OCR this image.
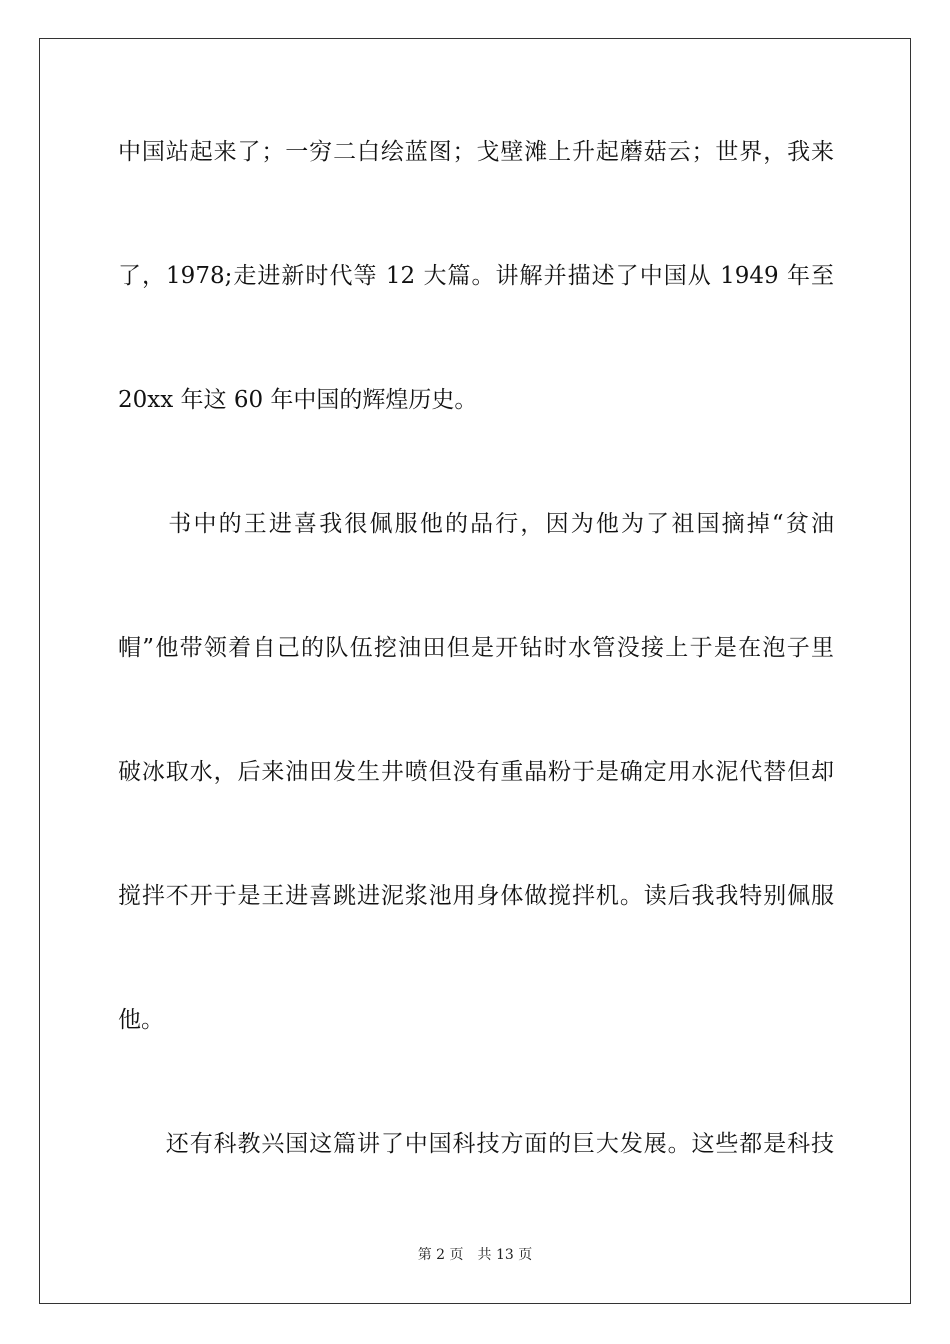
中国站起来了；一穷二白绘蓝图；戈壁滩上升起蘑菇云；世界，我来
了，1978;走进新时代等 12 大篇。讲解并描述了中国从 1949 年至
20xx 年这 60 年中国的辉煌历史。
　　书中的王进喜我很佩服他的品行，因为他为了祖国摘掉“贫油
帽”他带领着自己的队伍挖油田但是开钻时水管没接上于是在泡子里
破冰取水，后来油田发生井喷但没有重晶粉于是确定用水泥代替但却
搅拌不开于是王进喜跳进泥浆池用身体做搅拌机。读后我我特别佩服
他。
　　还有科教兴国这篇讲了中国科技方面的巨大发展。这些都是科技
第 2 页 共 13 页
